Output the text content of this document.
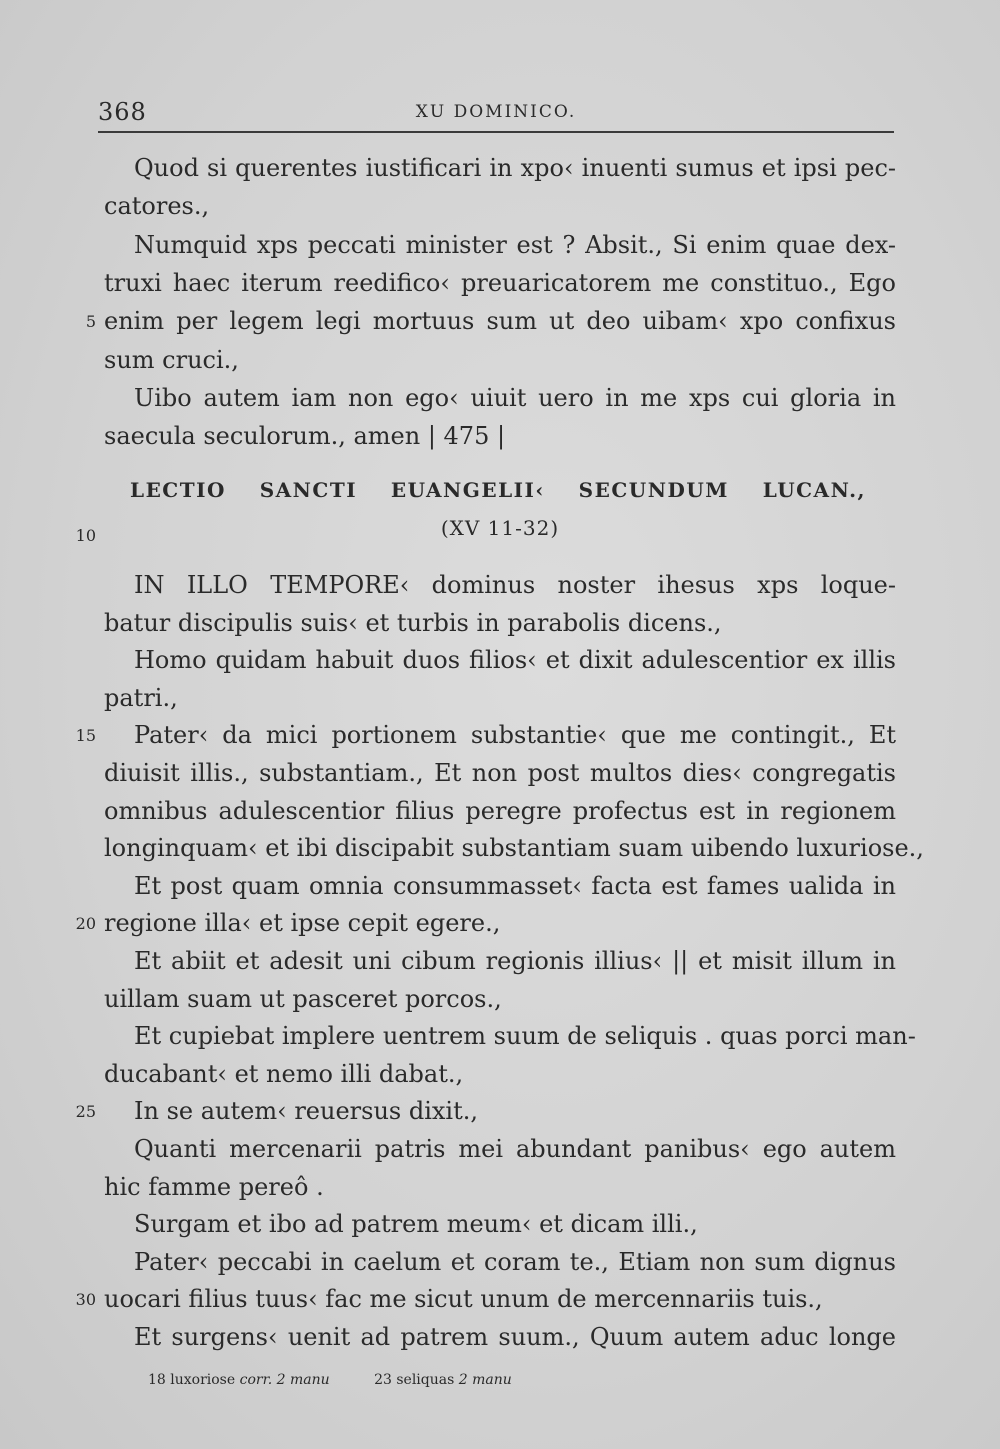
368	XU DOMINICO.
Quod si querentes iustificari in xpo‹ inuenti sumus et ipsi pec-
catores.,
Numquid xps peccati minister est ? Absit., Si enim quae dex-
truxi haec iterum reedifico‹ preuaricatorem me constituo., Ego
enim per legem legi mortuus sum ut deo uibam‹ xpo confixus
5
sum cruci.,
Uibo autem iam non ego‹ uiuit uero in me xps cui gloria in
saecula seculorum., amen | 475 |
LECTIO SANCTI EUANGELII‹ SECUNDUM LUCAN.,
10	(XV 11-32)
IN ILLO TEMPORE‹ dominus noster ihesus xps loque-
batur discipulis suis‹ et turbis in parabolis dicens.,
Homo quidam habuit duos filios‹ et dixit adulescentior ex illis
patri.,
Pater‹ da mici portionem substantie‹ que me contingit., Et
15
diuisit illis., substantiam., Et non post multos dies‹ congregatis
omnibus adulescentior filius peregre profectus est in regionem
longinquam‹ et ibi discipabit substantiam suam uibendo luxuriose.,
Et post quam omnia consummasset‹ facta est fames ualida in
regione illa‹ et ipse cepit egere.,
20
Et abiit et adesit uni cibum regionis illius‹ || et misit illum in
uillam suam ut pasceret porcos.,
Et cupiebat implere uentrem suum de seliquis . quas porci man-
ducabant‹ et nemo illi dabat.,
In se autem‹ reuersus dixit.,
25
Quanti mercenarii patris mei abundant panibus‹ ego autem
hic famme pereô .
Surgam et ibo ad patrem meum‹ et dicam illi.,
Pater‹ peccabi in caelum et coram te., Etiam non sum dignus
uocari filius tuus‹ fac me sicut unum de mercennariis tuis.,
30
Et surgens‹ uenit ad patrem suum., Quum autem aduc longe
18 luxoriose corr. 2 manu	23 seliquas 2 manu
